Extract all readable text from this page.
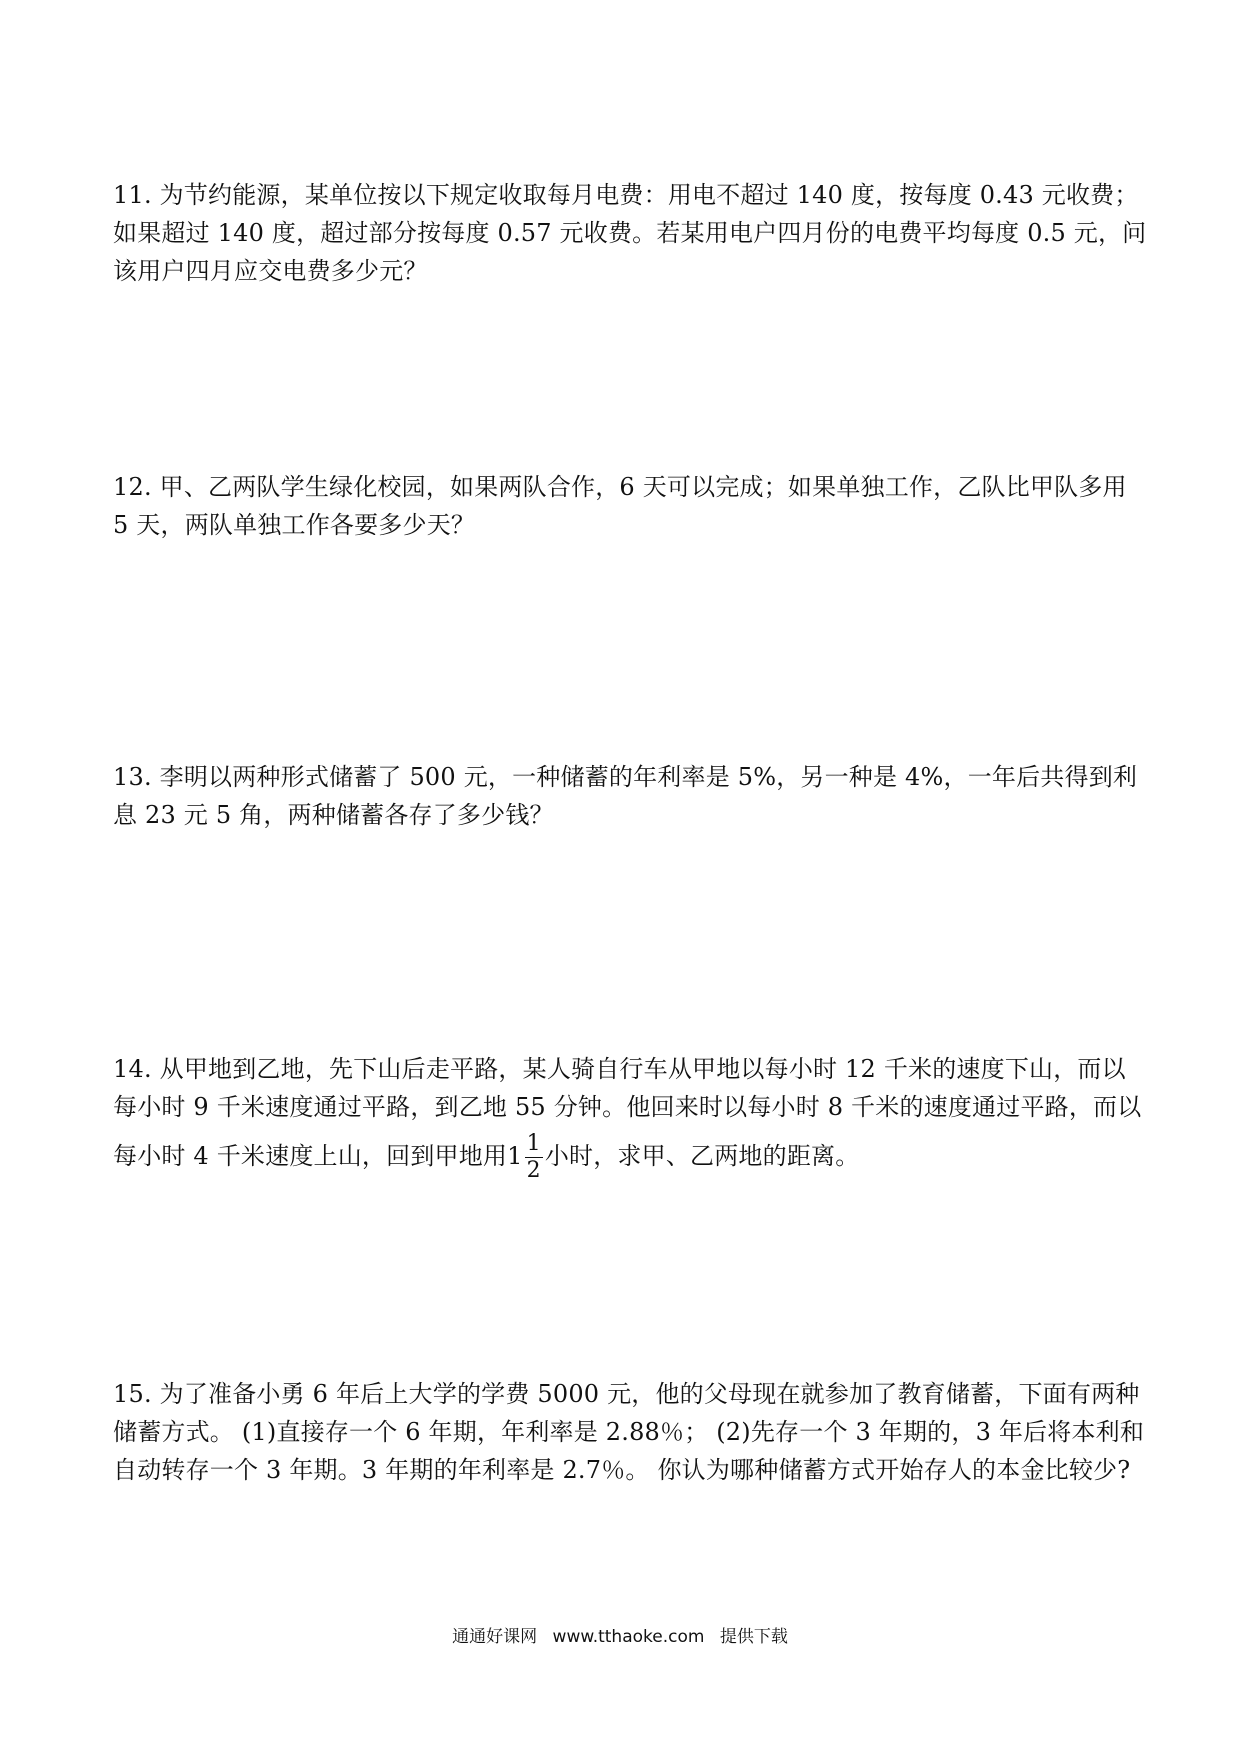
11. 为节约能源，某单位按以下规定收取每月电费：用电不超过 140 度，按每度 0.43 元收费；

如果超过 140 度，超过部分按每度 0.57 元收费。若某用电户四月份的电费平均每度 0.5 元，问

该用户四月应交电费多少元？

12. 甲、乙两队学生绿化校园，如果两队合作，6 天可以完成；如果单独工作，乙队比甲队多用

5 天，两队单独工作各要多少天？

13. 李明以两种形式储蓄了 500 元，一种储蓄的年利率是 5%，另一种是 4%，一年后共得到利

息 23 元 5 角，两种储蓄各存了多少钱？

14. 从甲地到乙地，先下山后走平路，某人骑自行车从甲地以每小时 12 千米的速度下山，而以

每小时 9 千米速度通过平路，到乙地 55 分钟。他回来时以每小时 8 千米的速度通过平路，而以

每小时 4 千米速度上山，回到甲地用$1 \frac{1}{2}$ 小时，求甲、乙两地的距离。

15. 为了准备小勇 6 年后上大学的学费 5000 元，他的父母现在就参加了教育储蓄，下面有两种

储蓄方式。 (1)直接存一个 6 年期，年利率是 2.88％； (2)先存一个 3 年期的，3 年后将本利和

自动转存一个 3 年期。3 年期的年利率是 2.7％。 你认为哪种储蓄方式开始存人的本金比较少?

通通好课网 www.tthaoke.com 提供下载
